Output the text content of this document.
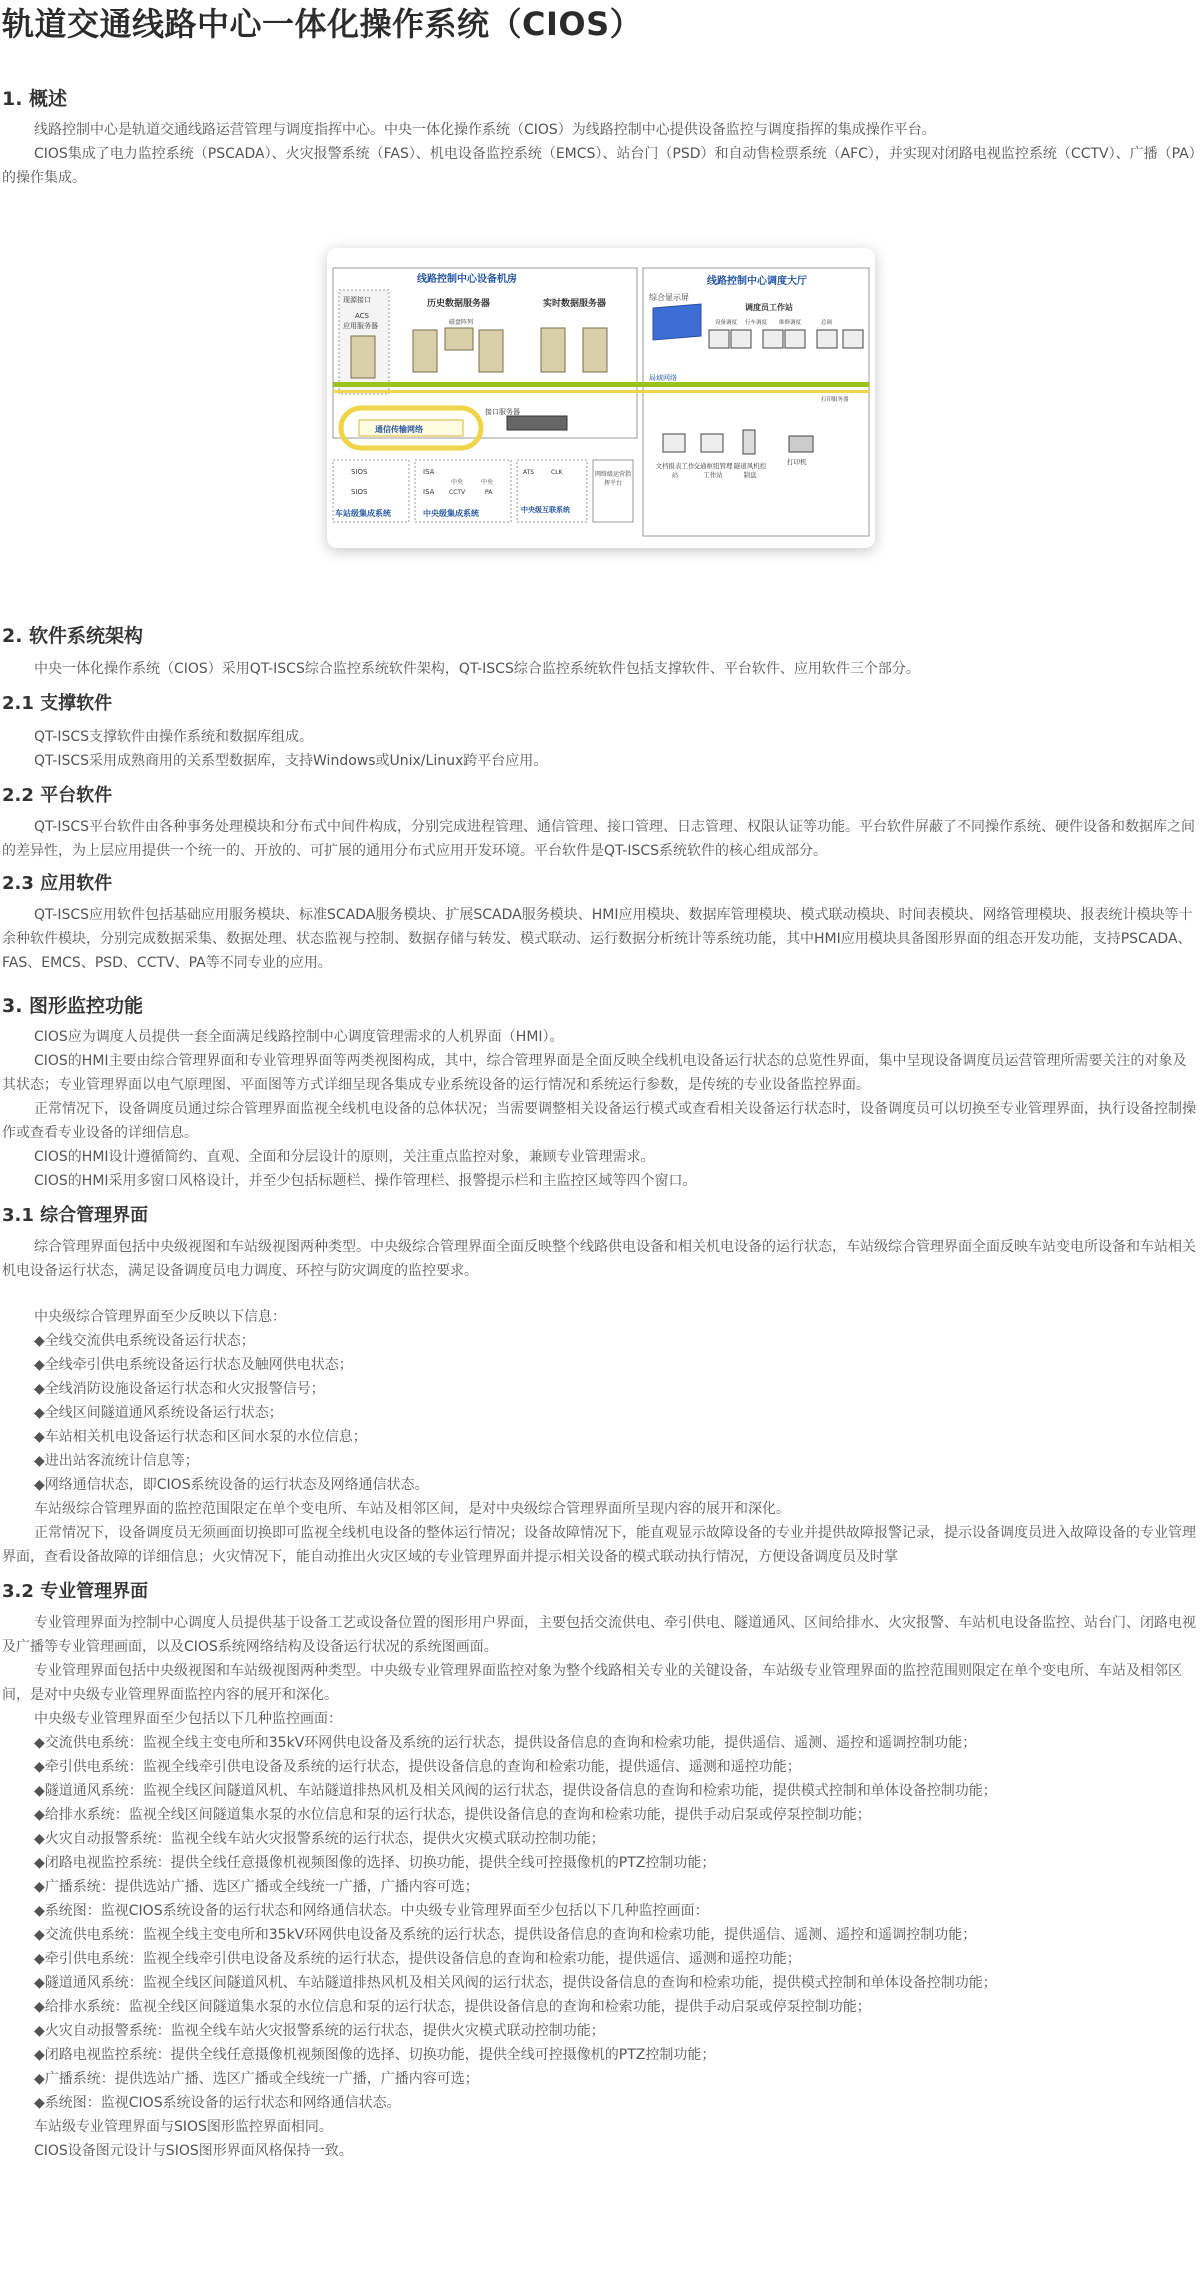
轨道交通线路中心一体化操作系统（CIOS）
1. 概述

线路控制中心是轨道交通线路运营管理与调度指挥中心。中央一体化操作系统（CIOS）为线路控制中心提供设备监控与调度指挥的集成操作平台。

CIOS集成了电力监控系统（PSCADA）、火灾报警系统（FAS）、机电设备监控系统（EMCS）、站台门（PSD）和自动售检票系统（AFC），并实现对闭路电视监控系统（CCTV）、广播（PA）的操作集成。

线路控制中心设备机房	线路控制中心调度大厅
现源接口
ACS
应用服务器
历史数据服务器
磁盘阵列
实时数据服务器
局域网络
综合显示屏
调度员工作站
设备调度 行车调度 维修调度	总调
通信传输网络
接口服务器
SIOS
SIOS
车站级集成系统
ISA
ISA
中央
CCTV
中央
PA
中央级集成系统
ATS	CLK
中央级互联系统
网络级运营指挥平台
文档报表工作站
交通枢纽管理工作站
隧道风机控制盘
打印机
打印服务器
2. 软件系统架构

中央一体化操作系统（CIOS）采用QT-ISCS综合监控系统软件架构，QT-ISCS综合监控系统软件包括支撑软件、平台软件、应用软件三个部分。

2.1 支撑软件

QT-ISCS支撑软件由操作系统和数据库组成。

QT-ISCS采用成熟商用的关系型数据库，支持Windows或Unix/Linux跨平台应用。

2.2 平台软件

QT-ISCS平台软件由各种事务处理模块和分布式中间件构成，分别完成进程管理、通信管理、接口管理、日志管理、权限认证等功能。平台软件屏蔽了不同操作系统、硬件设备和数据库之间的差异性，为上层应用提供一个统一的、开放的、可扩展的通用分布式应用开发环境。平台软件是QT-ISCS系统软件的核心组成部分。

2.3 应用软件

QT-ISCS应用软件包括基础应用服务模块、标准SCADA服务模块、扩展SCADA服务模块、HMI应用模块、数据库管理模块、模式联动模块、时间表模块、网络管理模块、报表统计模块等十余种软件模块，分别完成数据采集、数据处理、状态监视与控制、数据存储与转发、模式联动、运行数据分析统计等系统功能，其中HMI应用模块具备图形界面的组态开发功能，支持PSCADA、FAS、EMCS、PSD、CCTV、PA等不同专业的应用。

3. 图形监控功能

CIOS应为调度人员提供一套全面满足线路控制中心调度管理需求的人机界面（HMI）。

CIOS的HMI主要由综合管理界面和专业管理界面等两类视图构成，其中，综合管理界面是全面反映全线机电设备运行状态的总览性界面，集中呈现设备调度员运营管理所需要关注的对象及其状态；专业管理界面以电气原理图、平面图等方式详细呈现各集成专业系统设备的运行情况和系统运行参数，是传统的专业设备监控界面。

正常情况下，设备调度员通过综合管理界面监视全线机电设备的总体状况；当需要调整相关设备运行模式或查看相关设备运行状态时，设备调度员可以切换至专业管理界面，执行设备控制操作或查看专业设备的详细信息。

CIOS的HMI设计遵循简约、直观、全面和分层设计的原则，关注重点监控对象，兼顾专业管理需求。

CIOS的HMI采用多窗口风格设计，并至少包括标题栏、操作管理栏、报警提示栏和主监控区域等四个窗口。

3.1 综合管理界面

综合管理界面包括中央级视图和车站级视图两种类型。中央级综合管理界面全面反映整个线路供电设备和相关机电设备的运行状态，车站级综合管理界面全面反映车站变电所设备和车站相关机电设备运行状态，满足设备调度员电力调度、环控与防灾调度的监控要求。

中央级综合管理界面至少反映以下信息：

◆全线交流供电系统设备运行状态；
◆全线牵引供电系统设备运行状态及触网供电状态；
◆全线消防设施设备运行状态和火灾报警信号；
◆全线区间隧道通风系统设备运行状态；
◆车站相关机电设备运行状态和区间水泵的水位信息；
◆进出站客流统计信息等；
◆网络通信状态，即CIOS系统设备的运行状态及网络通信状态。

车站级综合管理界面的监控范围限定在单个变电所、车站及相邻区间，是对中央级综合管理界面所呈现内容的展开和深化。

正常情况下，设备调度员无须画面切换即可监视全线机电设备的整体运行情况；设备故障情况下，能直观显示故障设备的专业并提供故障报警记录，提示设备调度员进入故障设备的专业管理界面，查看设备故障的详细信息；火灾情况下，能自动推出火灾区域的专业管理界面并提示相关设备的模式联动执行情况，方便设备调度员及时掌

3.2 专业管理界面

专业管理界面为控制中心调度人员提供基于设备工艺或设备位置的图形用户界面，主要包括交流供电、牵引供电、隧道通风、区间给排水、火灾报警、车站机电设备监控、站台门、闭路电视及广播等专业管理画面，以及CIOS系统网络结构及设备运行状况的系统图画面。

专业管理界面包括中央级视图和车站级视图两种类型。中央级专业管理界面监控对象为整个线路相关专业的关键设备，车站级专业管理界面的监控范围则限定在单个变电所、车站及相邻区间，是对中央级专业管理界面监控内容的展开和深化。

中央级专业管理界面至少包括以下几种监控画面：

◆交流供电系统：监视全线主变电所和35kV环网供电设备及系统的运行状态，提供设备信息的查询和检索功能，提供遥信、遥测、遥控和遥调控制功能；
◆牵引供电系统：监视全线牵引供电设备及系统的运行状态，提供设备信息的查询和检索功能，提供遥信、遥测和遥控功能；
◆隧道通风系统：监视全线区间隧道风机、车站隧道排热风机及相关风阀的运行状态，提供设备信息的查询和检索功能，提供模式控制和单体设备控制功能；
◆给排水系统：监视全线区间隧道集水泵的水位信息和泵的运行状态，提供设备信息的查询和检索功能，提供手动启泵或停泵控制功能；
◆火灾自动报警系统：监视全线车站火灾报警系统的运行状态，提供火灾模式联动控制功能；
◆闭路电视监控系统：提供全线任意摄像机视频图像的选择、切换功能，提供全线可控摄像机的PTZ控制功能；
◆广播系统：提供选站广播、选区广播或全线统一广播，广播内容可选；
◆系统图：监视CIOS系统设备的运行状态和网络通信状态。中央级专业管理界面至少包括以下几种监控画面：
◆交流供电系统：监视全线主变电所和35kV环网供电设备及系统的运行状态，提供设备信息的查询和检索功能，提供遥信、遥测、遥控和遥调控制功能；
◆牵引供电系统：监视全线牵引供电设备及系统的运行状态，提供设备信息的查询和检索功能，提供遥信、遥测和遥控功能；
◆隧道通风系统：监视全线区间隧道风机、车站隧道排热风机及相关风阀的运行状态，提供设备信息的查询和检索功能，提供模式控制和单体设备控制功能；
◆给排水系统：监视全线区间隧道集水泵的水位信息和泵的运行状态，提供设备信息的查询和检索功能，提供手动启泵或停泵控制功能；
◆火灾自动报警系统：监视全线车站火灾报警系统的运行状态，提供火灾模式联动控制功能；
◆闭路电视监控系统：提供全线任意摄像机视频图像的选择、切换功能，提供全线可控摄像机的PTZ控制功能；
◆广播系统：提供选站广播、选区广播或全线统一广播，广播内容可选；
◆系统图：监视CIOS系统设备的运行状态和网络通信状态。

车站级专业管理界面与SIOS图形监控界面相同。

CIOS设备图元设计与SIOS图形界面风格保持一致。
